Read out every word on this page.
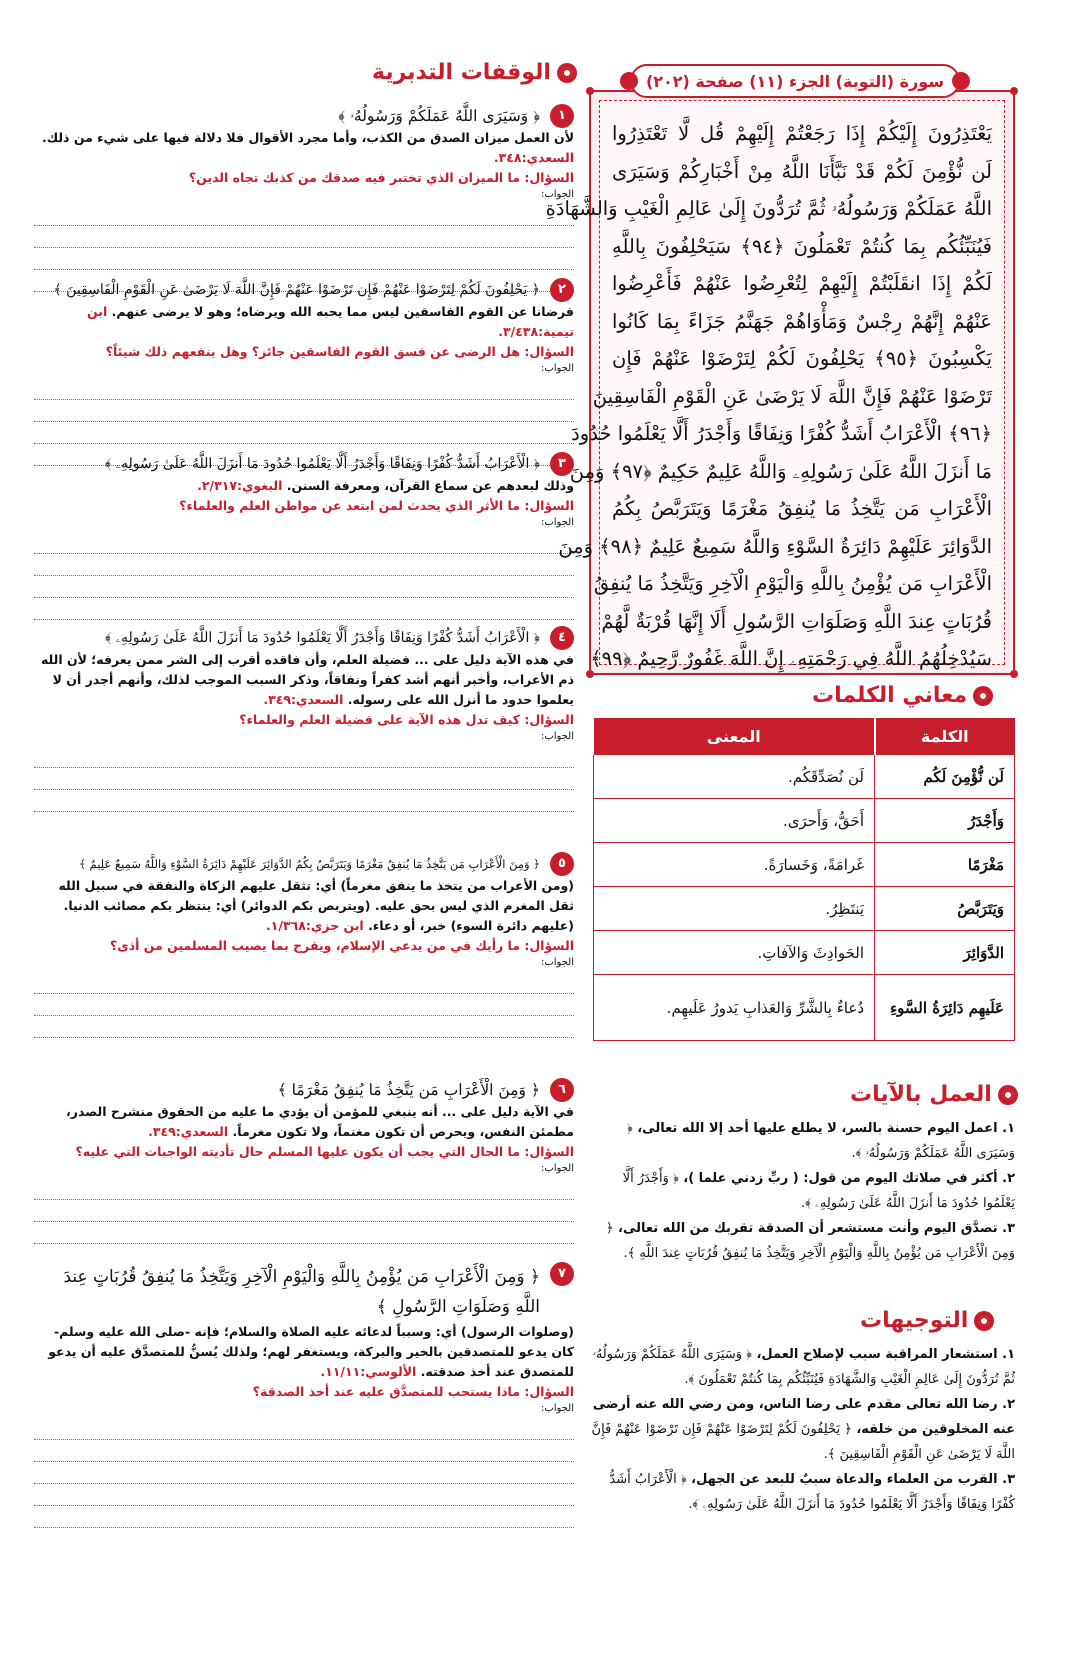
الوقفات التدبرية
١
﴿ وَسَيَرَى اللَّهُ عَمَلَكُمْ وَرَسُولُهُۥ ﴾
لأن العمل ميزان الصدق من الكذب، وأما مجرد الأقوال فلا دلالة فيها على شيء من ذلك. السعدي:٣٤٨.
السؤال: ما الميزان الذي تختبر فيه صدقك من كذبك تجاه الدين؟
الجواب:
٢
﴿ يَحْلِفُونَ لَكُمْ لِتَرْضَوْا عَنْهُمْ فَإِن تَرْضَوْا عَنْهُمْ فَإِنَّ اللَّهَ لَا يَرْضَىٰ عَنِ الْقَوْمِ الْفَاسِقِينَ ﴾
فرضانا عن القوم الفاسقين ليس مما يحبه الله ويرضاه؛ وهو لا يرضى عنهم. ابن تيمية:٣/٤٣٨.
السؤال: هل الرضى عن فسق القوم الفاسقين جائز؟ وهل ينفعهم ذلك شيئاً؟
الجواب:
٣
﴿ الْأَعْرَابُ أَشَدُّ كُفْرًا وَنِفَاقًا وَأَجْدَرُ أَلَّا يَعْلَمُوا حُدُودَ مَا أَنزَلَ اللَّهُ عَلَىٰ رَسُولِهِۦ ﴾
وذلك لبعدهم عن سماع القرآن، ومعرفة السنن. البغوي:٢/٣١٧.
السؤال: ما الأثر الذي يحدث لمن ابتعد عن مواطن العلم والعلماء؟
الجواب:
٤
﴿ الْأَعْرَابُ أَشَدُّ كُفْرًا وَنِفَاقًا وَأَجْدَرُ أَلَّا يَعْلَمُوا حُدُودَ مَا أَنزَلَ اللَّهُ عَلَىٰ رَسُولِهِۦ ﴾
في هذه الآية دليل على ... فضيلة العلم، وأن فاقده أقرب إلى الشر ممن يعرفه؛ لأن الله ذم الأعراب، وأخبر أنهم أشد كفراً ونفاقاً، وذكر السبب الموجب لذلك، وأنهم أجدر أن لا يعلموا حدود ما أنزل الله على رسوله. السعدي:٣٤٩.
السؤال: كيف تدل هذه الآية على فضيلة العلم والعلماء؟
الجواب:
٥
﴿ وَمِنَ الْأَعْرَابِ مَن يَتَّخِذُ مَا يُنفِقُ مَغْرَمًا وَيَتَرَبَّصُ بِكُمُ الدَّوَائِرَ عَلَيْهِمْ دَائِرَةُ السَّوْءِ وَاللَّهُ سَمِيعٌ عَلِيمٌ ﴾
(ومن الأعراب من يتخذ ما ينفق مغرماً) أي: تثقل عليهم الزكاة والنفقة في سبيل الله ثقل المغرم الذي ليس بحق عليه. (ويتربص بكم الدوائر) أي: ينتظر بكم مصائب الدنيا. (عليهم دائرة السوء) خبر، أو دعاء. ابن جزي:١/٣٦٨.
السؤال: ما رأيك في من يدعي الإسلام، ويفرح بما يصيب المسلمين من أذى؟
الجواب:
٦
﴿ وَمِنَ الْأَعْرَابِ مَن يَتَّخِذُ مَا يُنفِقُ مَغْرَمًا ﴾
في الآية دليل على ... أنه ينبغي للمؤمن أن يؤدي ما عليه من الحقوق منشرح الصدر، مطمئن النفس، ويحرص أن تكون مغنماً، ولا تكون مغرماً. السعدي:٣٤٩.
السؤال: ما الحال التي يجب أن يكون عليها المسلم حال تأديته الواجبات التي عليه؟
الجواب:
٧
﴿ وَمِنَ الْأَعْرَابِ مَن يُؤْمِنُ بِاللَّهِ وَالْيَوْمِ الْآخِرِ وَيَتَّخِذُ مَا يُنفِقُ قُرُبَاتٍ عِندَ اللَّهِ وَصَلَوَاتِ الرَّسُولِ ﴾
(وصلوات الرسول) أي: وسبباً لدعائه عليه الصلاة والسلام؛ فإنه -صلى الله عليه وسلم- كان يدعو للمتصدقين بالخير والبركة، ويستغفر لهم؛ ولذلك يُسنُّ للمتصدَّق عليه أن يدعو للمتصدق عند أخذ صدقته. الألوسي:١١/١١.
السؤال: ماذا يستحب للمتصدَّق عليه عند أخذ الصدقة؟
الجواب:
يَعْتَذِرُونَ إِلَيْكُمْ إِذَا رَجَعْتُمْ إِلَيْهِمْ قُل لَّا تَعْتَذِرُوا
لَن نُّؤْمِنَ لَكُمْ قَدْ نَبَّأَنَا اللَّهُ مِنْ أَخْبَارِكُمْ وَسَيَرَى
اللَّهُ عَمَلَكُمْ وَرَسُولُهُۥ ثُمَّ تُرَدُّونَ إِلَىٰ عَالِمِ الْغَيْبِ وَالشَّهَادَةِ
فَيُنَبِّئُكُم بِمَا كُنتُمْ تَعْمَلُونَ ﴿٩٤﴾ سَيَحْلِفُونَ بِاللَّهِ
لَكُمْ إِذَا انقَلَبْتُمْ إِلَيْهِمْ لِتُعْرِضُوا عَنْهُمْ فَأَعْرِضُوا
عَنْهُمْ إِنَّهُمْ رِجْسٌ وَمَأْوَاهُمْ جَهَنَّمُ جَزَاءً بِمَا كَانُوا
يَكْسِبُونَ ﴿٩٥﴾ يَحْلِفُونَ لَكُمْ لِتَرْضَوْا عَنْهُمْ فَإِن
تَرْضَوْا عَنْهُمْ فَإِنَّ اللَّهَ لَا يَرْضَىٰ عَنِ الْقَوْمِ الْفَاسِقِينَ
﴿٩٦﴾ الْأَعْرَابُ أَشَدُّ كُفْرًا وَنِفَاقًا وَأَجْدَرُ أَلَّا يَعْلَمُوا حُدُودَ
مَا أَنزَلَ اللَّهُ عَلَىٰ رَسُولِهِۦ وَاللَّهُ عَلِيمٌ حَكِيمٌ ﴿٩٧﴾ وَمِنَ
الْأَعْرَابِ مَن يَتَّخِذُ مَا يُنفِقُ مَغْرَمًا وَيَتَرَبَّصُ بِكُمُ
الدَّوَائِرَ عَلَيْهِمْ دَائِرَةُ السَّوْءِ وَاللَّهُ سَمِيعٌ عَلِيمٌ ﴿٩٨﴾ وَمِنَ
الْأَعْرَابِ مَن يُؤْمِنُ بِاللَّهِ وَالْيَوْمِ الْآخِرِ وَيَتَّخِذُ مَا يُنفِقُ
قُرُبَاتٍ عِندَ اللَّهِ وَصَلَوَاتِ الرَّسُولِ أَلَا إِنَّهَا قُرْبَةٌ لَّهُمْ
سَيُدْخِلُهُمُ اللَّهُ فِي رَحْمَتِهِۦ إِنَّ اللَّهَ غَفُورٌ رَّحِيمٌ ﴿٩٩﴾
سورة (التوبة) الجزء (١١) صفحة (٢٠٢)
معاني الكلمات
الكلمة	المعنى
لَن نُّؤْمِنَ لَكُم	لَن نُصَدِّقَكُم.
وَأَجْدَرُ	أَحَقُّ، وَأَحرَى.
مَغْرَمًا	غَرامَةً، وَخَسارَةً.
وَيَتَرَبَّصُ	يَنتَظِرُ.
الدَّوَائِرَ	الحَوادِثَ وَالآفاتِ.
عَلَيهِم دَائِرَةُ السَّوءِ	دُعاءٌ بِالشَّرِّ وَالعَذابِ يَدورُ عَلَيهِم.
العمل بالآيات
١. اعمل اليوم حسنة بالسر، لا يطلع عليها أحد إلا الله تعالى، ﴿ وَسَيَرَى اللَّهُ عَمَلَكُمْ وَرَسُولُهُۥ ﴾.
٢. أكثر في صلاتك اليوم من قول: ( ربِّ زدني علما )، ﴿ وَأَجْدَرُ أَلَّا يَعْلَمُوا حُدُودَ مَا أَنزَلَ اللَّهُ عَلَىٰ رَسُولِهِۦ ﴾.
٣. تصدَّق اليوم وأنت مستشعر أن الصدقة تقربك من الله تعالى، ﴿ وَمِنَ الْأَعْرَابِ مَن يُؤْمِنُ بِاللَّهِ وَالْيَوْمِ الْآخِرِ وَيَتَّخِذُ مَا يُنفِقُ قُرُبَاتٍ عِندَ اللَّهِ ﴾.
التوجيهات
١. استشعار المراقبة سبب لإصلاح العمل، ﴿ وَسَيَرَى اللَّهُ عَمَلَكُمْ وَرَسُولُهُۥ ثُمَّ تُرَدُّونَ إِلَىٰ عَالِمِ الْغَيْبِ وَالشَّهَادَةِ فَيُنَبِّئُكُم بِمَا كُنتُمْ تَعْمَلُونَ ﴾.
٢. رضا الله تعالى مقدم على رضا الناس، ومن رضي الله عنه أرضى عنه المخلوقين من خلقه، ﴿ يَحْلِفُونَ لَكُمْ لِتَرْضَوْا عَنْهُمْ فَإِن تَرْضَوْا عَنْهُمْ فَإِنَّ اللَّهَ لَا يَرْضَىٰ عَنِ الْقَوْمِ الْفَاسِقِينَ ﴾.
٣. القرب من العلماء والدعاة سببٌ للبعد عن الجهل، ﴿ الْأَعْرَابُ أَشَدُّ كُفْرًا وَنِفَاقًا وَأَجْدَرُ أَلَّا يَعْلَمُوا حُدُودَ مَا أَنزَلَ اللَّهُ عَلَىٰ رَسُولِهِۦ ﴾.
